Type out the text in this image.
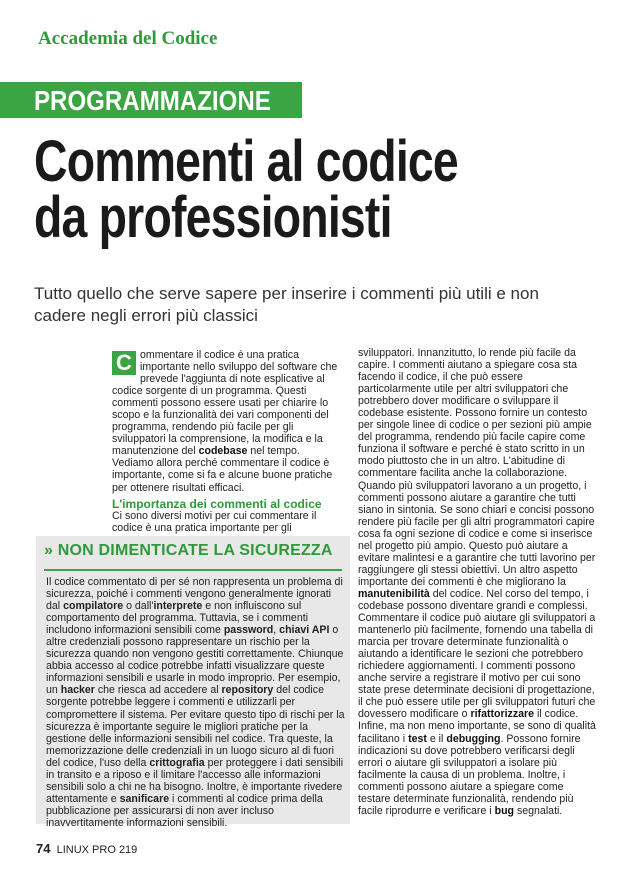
Accademia del Codice
PROGRAMMAZIONE
Commenti al codice
da professionisti
Tutto quello che serve sapere per inserire i commenti più utili e non cadere negli errori più classici

C ommentare il codice è una pratica importante nello sviluppo del software che prevede l'aggiunta di note esplicative al codice sorgente di un programma. Questi commenti possono essere usati per chiarire lo scopo e la funzionalità dei vari componenti del programma, rendendo più facile per gli sviluppatori la comprensione, la modifica e la manutenzione del codebase nel tempo. Vediamo allora perché commentare il codice è importante, come si fa e alcune buone pratiche per ottenere risultati efficaci.

L'importanza dei commenti al codice

Ci sono diversi motivi per cui commentare il codice è una pratica importante per gli

» NON DIMENTICATE LA SICUREZZA
Il codice commentato di per sé non rappresenta un problema di sicurezza, poiché i commenti vengono generalmente ignorati dal compilatore o dall'interprete e non influiscono sul comportamento del programma. Tuttavia, se i commenti includono informazioni sensibili come password, chiavi API o altre credenziali possono rappresentare un rischio per la sicurezza quando non vengono gestiti correttamente. Chiunque abbia accesso al codice potrebbe infatti visualizzare queste informazioni sensibili e usarle in modo improprio. Per esempio, un hacker che riesca ad accedere al repository del codice sorgente potrebbe leggere i commenti e utilizzarli per compromettere il sistema. Per evitare questo tipo di rischi per la sicurezza è importante seguire le migliori pratiche per la gestione delle informazioni sensibili nel codice. Tra queste, la memorizzazione delle credenziali in un luogo sicuro al di fuori del codice, l'uso della crittografia per proteggere i dati sensibili in transito e a riposo e il limitare l'accesso alle informazioni sensibili solo a chi ne ha bisogno. Inoltre, è importante rivedere attentamente e sanificare i commenti al codice prima della pubblicazione per assicurarsi di non aver incluso inavvertitamente informazioni sensibili.

sviluppatori. Innanzitutto, lo rende più facile da capire. I commenti aiutano a spiegare cosa sta facendo il codice, il che può essere particolarmente utile per altri sviluppatori che potrebbero dover modificare o sviluppare il codebase esistente. Possono fornire un contesto per singole linee di codice o per sezioni più ampie del programma, rendendo più facile capire come funziona il software e perché è stato scritto in un modo piuttosto che in un altro. L'abitudine di commentare facilita anche la collaborazione. Quando più sviluppatori lavorano a un progetto, i commenti possono aiutare a garantire che tutti siano in sintonia. Se sono chiari e concisi possono rendere più facile per gli altri programmatori capire cosa fa ogni sezione di codice e come si inserisce nel progetto più ampio. Questo può aiutare a evitare malintesi e a garantire che tutti lavorino per raggiungere gli stessi obiettivi. Un altro aspetto importante dei commenti è che migliorano la manutenibilità del codice. Nel corso del tempo, i codebase possono diventare grandi e complessi. Commentare il codice può aiutare gli sviluppatori a mantenerlo più facilmente, fornendo una tabella di marcia per trovare determinate funzionalità o aiutando a identificare le sezioni che potrebbero richiedere aggiornamenti. I commenti possono anche servire a registrare il motivo per cui sono state prese determinate decisioni di progettazione, il che può essere utile per gli sviluppatori futuri che dovessero modificare o rifattorizzare il codice. Infine, ma non meno importante, se sono di qualità facilitano i test e il debugging. Possono fornire indicazioni su dove potrebbero verificarsi degli errori o aiutare gli sviluppatori a isolare più facilmente la causa di un problema. Inoltre, i commenti possono aiutare a spiegare come testare determinate funzionalità, rendendo più facile riprodurre e verificare i bug segnalati.

74 LINUX PRO 219
